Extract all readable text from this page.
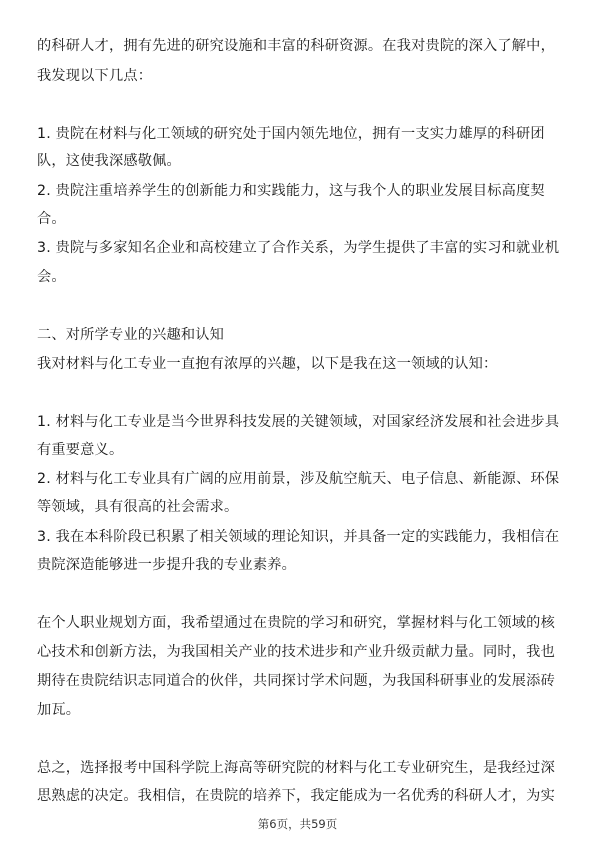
的科研人才，拥有先进的研究设施和丰富的科研资源。在我对贵院的深入了解中，
我发现以下几点：
1. 贵院在材料与化工领域的研究处于国内领先地位，拥有一支实力雄厚的科研团
队，这使我深感敬佩。
2. 贵院注重培养学生的创新能力和实践能力，这与我个人的职业发展目标高度契
合。
3. 贵院与多家知名企业和高校建立了合作关系，为学生提供了丰富的实习和就业机
会。
二、对所学专业的兴趣和认知
我对材料与化工专业一直抱有浓厚的兴趣，以下是我在这一领域的认知：
1. 材料与化工专业是当今世界科技发展的关键领域，对国家经济发展和社会进步具
有重要意义。
2. 材料与化工专业具有广阔的应用前景，涉及航空航天、电子信息、新能源、环保
等领域，具有很高的社会需求。
3. 我在本科阶段已积累了相关领域的理论知识，并具备一定的实践能力，我相信在
贵院深造能够进一步提升我的专业素养。
在个人职业规划方面，我希望通过在贵院的学习和研究，掌握材料与化工领域的核
心技术和创新方法，为我国相关产业的技术进步和产业升级贡献力量。同时，我也
期待在贵院结识志同道合的伙伴，共同探讨学术问题，为我国科研事业的发展添砖
加瓦。
总之，选择报考中国科学院上海高等研究院的材料与化工专业研究生，是我经过深
思熟虑的决定。我相信，在贵院的培养下，我定能成为一名优秀的科研人才，为实
第6页，共59页
